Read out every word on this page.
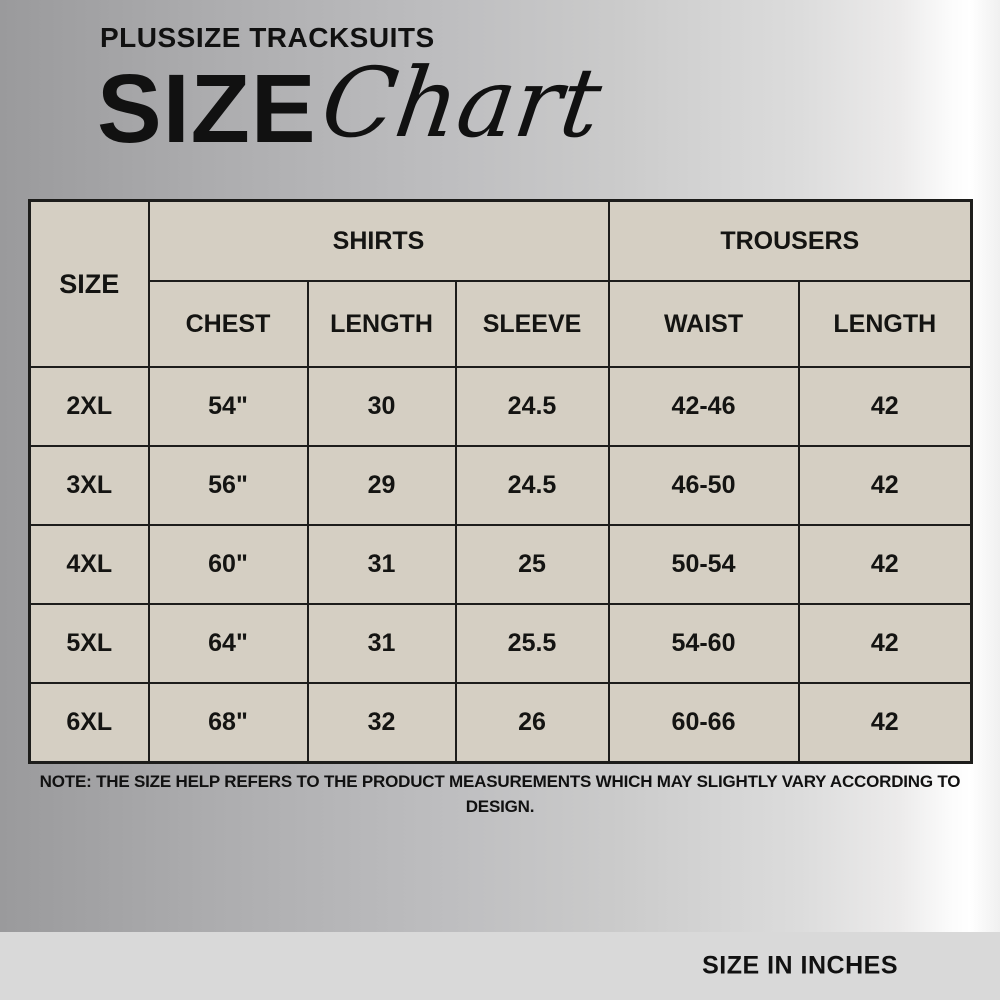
PLUSSIZE TRACKSUITS
SIZEChart
SIZE	SHIRTS			TROUSERS	
	CHEST	LENGTH	SLEEVE	WAIST	LENGTH
2XL	54"	30	24.5	42-46	42
3XL	56"	29	24.5	46-50	42
4XL	60"	31	25	50-54	42
5XL	64"	31	25.5	54-60	42
6XL	68"	32	26	60-66	42
NOTE: THE SIZE HELP REFERS TO THE PRODUCT MEASUREMENTS WHICH MAY SLIGHTLY VARY ACCORDING TO DESIGN.
SIZE IN INCHES
